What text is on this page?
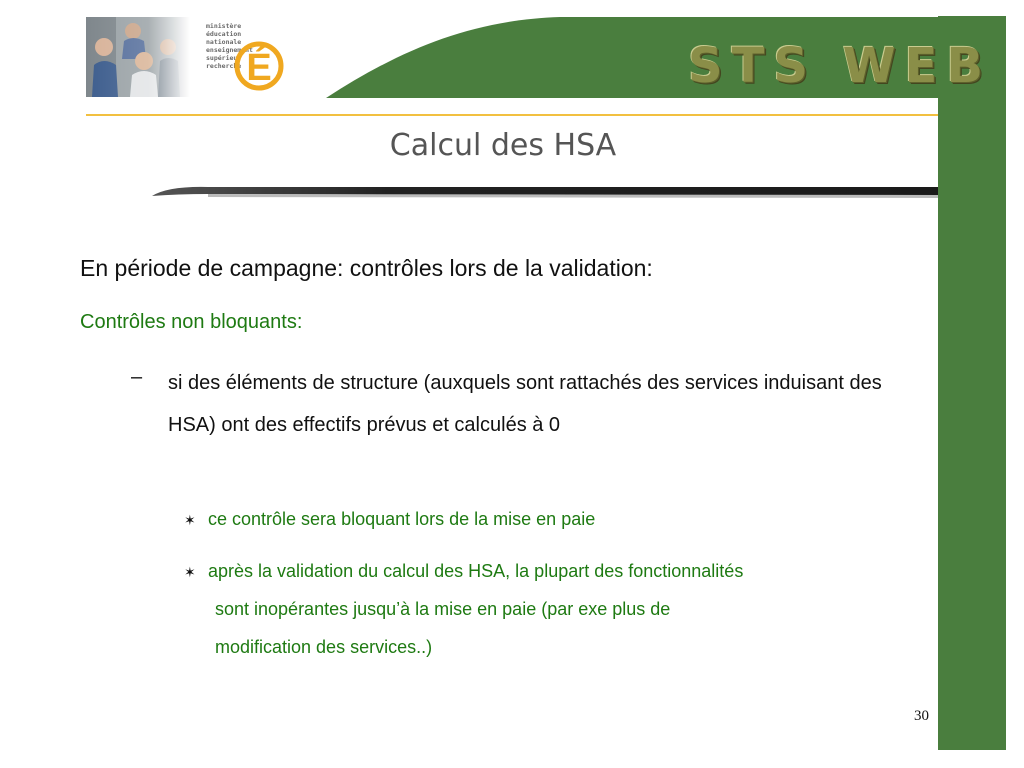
ministère
éducation
nationale
enseignement
supérieur
recherche É	STS WEB
Calcul des HSA
En période de campagne: contrôles lors de la validation:
Contrôles non bloquants:
– si des éléments de structure (auxquels sont rattachés des services induisant des HSA) ont des effectifs prévus et calculés à 0
✶ ce contrôle sera bloquant lors de la mise en paie
✶ après la validation du calcul des HSA, la plupart des fonctionnalités
sont inopérantes jusqu’à la mise en paie (par exe plus de
modification des services..)
30
